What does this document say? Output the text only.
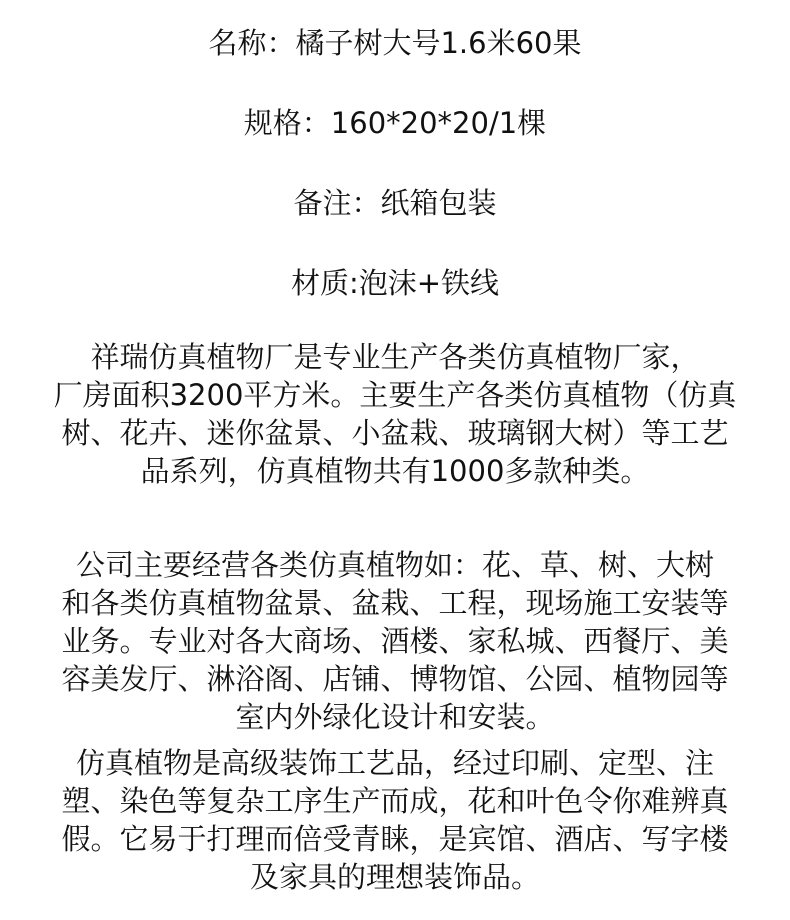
名称：橘子树大号1.6米60果
规格：160*20*20/1棵
备注：纸箱包装
材质:泡沫+铁线
祥瑞仿真植物厂是专业生产各类仿真植物厂家，
厂房面积3200平方米。主要生产各类仿真植物（仿真
树、花卉、迷你盆景、小盆栽、玻璃钢大树）等工艺
品系列，仿真植物共有1000多款种类。
公司主要经营各类仿真植物如：花、草、树、大树
和各类仿真植物盆景、盆栽、工程，现场施工安装等
业务。专业对各大商场、酒楼、家私城、西餐厅、美
容美发厅、淋浴阁、店铺、博物馆、公园、植物园等
室内外绿化设计和安装。
仿真植物是高级装饰工艺品，经过印刷、定型、注
塑、染色等复杂工序生产而成，花和叶色令你难辨真
假。它易于打理而倍受青睐，是宾馆、酒店、写字楼
及家具的理想装饰品。
